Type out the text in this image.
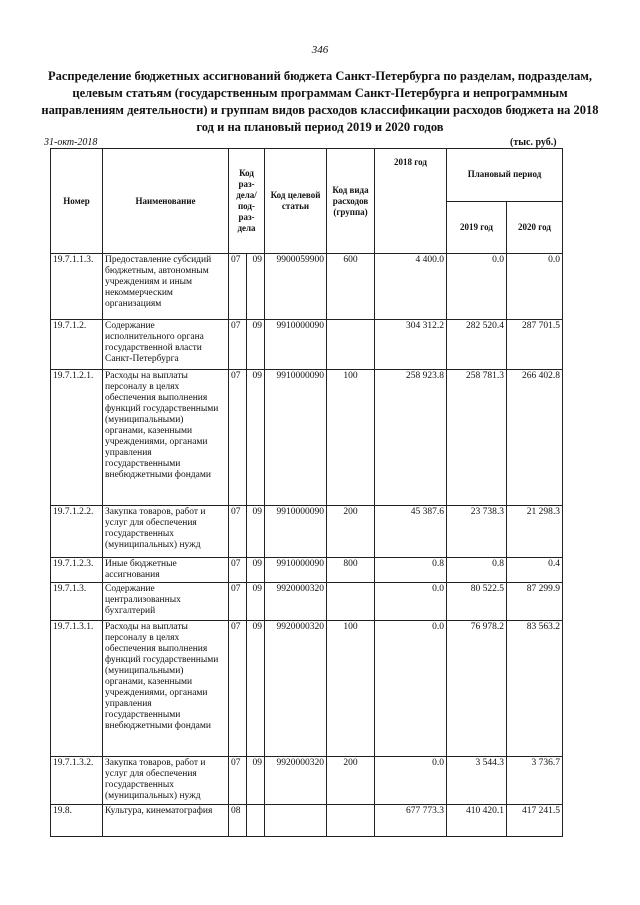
346
Распределение бюджетных ассигнований бюджета Санкт-Петербурга по разделам, подразделам, целевым статьям (государственным программам Санкт-Петербурга и непрограммным направлениям деятельности) и группам видов расходов классификации расходов бюджета на 2018 год и на плановый период 2019 и 2020 годов
31-окт-2018	(тыс. руб.)
Номер	Наименование	Код раз-дела/ под-раз-дела		Код целевой статьи	Код вида расходов (группа)	2018 год	Плановый период	
							2019 год	2020 год
19.7.1.1.3.	Предоставление субсидий бюджетным, автономным учреждениям и иным некоммерческим организациям	07	09	9900059900	600	4 400.0	0.0	0.0
19.7.1.2.	Содержание исполнительного органа государственной власти Санкт-Петербурга	07	09	9910000090		304 312.2	282 520.4	287 701.5
19.7.1.2.1.	Расходы на выплаты персоналу в целях обеспечения выполнения функций государственными (муниципальными) органами, казенными учреждениями, органами управления государственными внебюджетными фондами	07	09	9910000090	100	258 923.8	258 781.3	266 402.8
19.7.1.2.2.	Закупка товаров, работ и услуг для обеспечения государственных (муниципальных) нужд	07	09	9910000090	200	45 387.6	23 738.3	21 298.3
19.7.1.2.3.	Иные бюджетные ассигнования	07	09	9910000090	800	0.8	0.8	0.4
19.7.1.3.	Содержание централизованных бухгалтерий	07	09	9920000320		0.0	80 522.5	87 299.9
19.7.1.3.1.	Расходы на выплаты персоналу в целях обеспечения выполнения функций государственными (муниципальными) органами, казенными учреждениями, органами управления государственными внебюджетными фондами	07	09	9920000320	100	0.0	76 978.2	83 563.2
19.7.1.3.2.	Закупка товаров, работ и услуг для обеспечения государственных (муниципальных) нужд	07	09	9920000320	200	0.0	3 544.3	3 736.7
19.8.	Культура, кинематография	08				677 773.3	410 420.1	417 241.5
